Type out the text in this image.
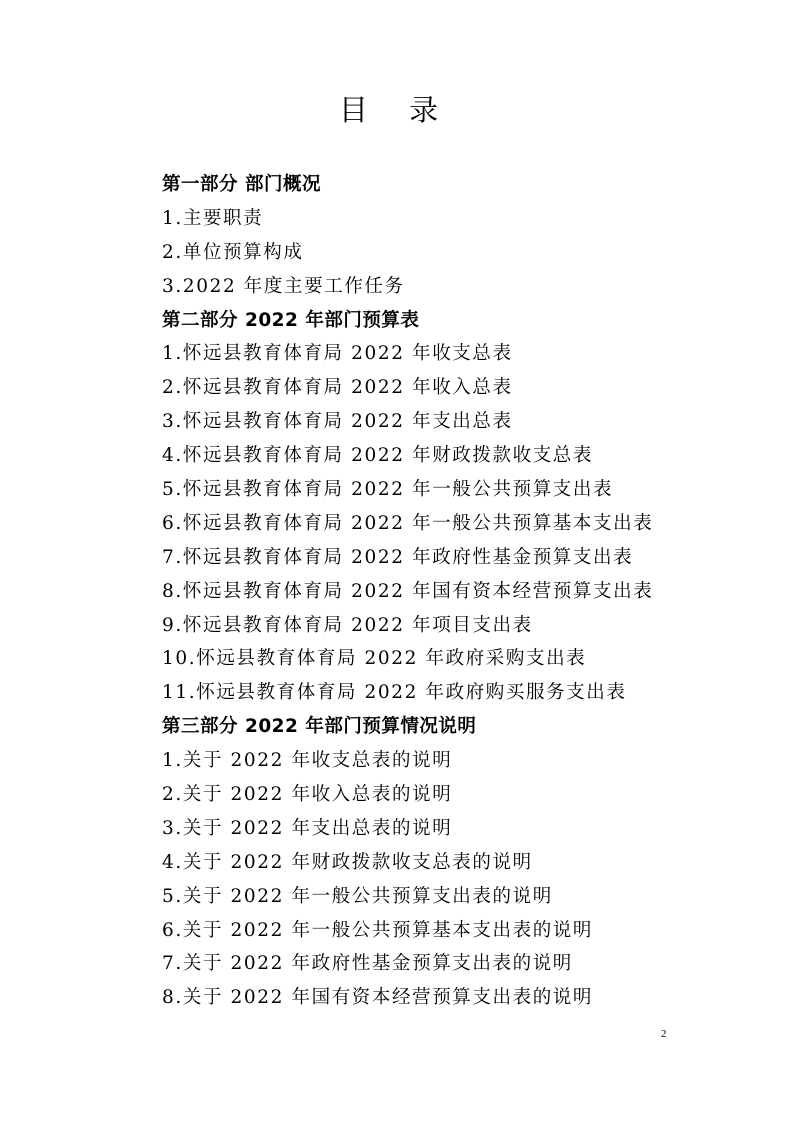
目 录
第一部分 部门概况
1.主要职责
2.单位预算构成
3.2022 年度主要工作任务
第二部分 2022 年部门预算表
1.怀远县教育体育局 2022 年收支总表
2.怀远县教育体育局 2022 年收入总表
3.怀远县教育体育局 2022 年支出总表
4.怀远县教育体育局 2022 年财政拨款收支总表
5.怀远县教育体育局 2022 年一般公共预算支出表
6.怀远县教育体育局 2022 年一般公共预算基本支出表
7.怀远县教育体育局 2022 年政府性基金预算支出表
8.怀远县教育体育局 2022 年国有资本经营预算支出表
9.怀远县教育体育局 2022 年项目支出表
10.怀远县教育体育局 2022 年政府采购支出表
11.怀远县教育体育局 2022 年政府购买服务支出表
第三部分 2022 年部门预算情况说明
1.关于 2022 年收支总表的说明
2.关于 2022 年收入总表的说明
3.关于 2022 年支出总表的说明
4.关于 2022 年财政拨款收支总表的说明
5.关于 2022 年一般公共预算支出表的说明
6.关于 2022 年一般公共预算基本支出表的说明
7.关于 2022 年政府性基金预算支出表的说明
8.关于 2022 年国有资本经营预算支出表的说明
2
